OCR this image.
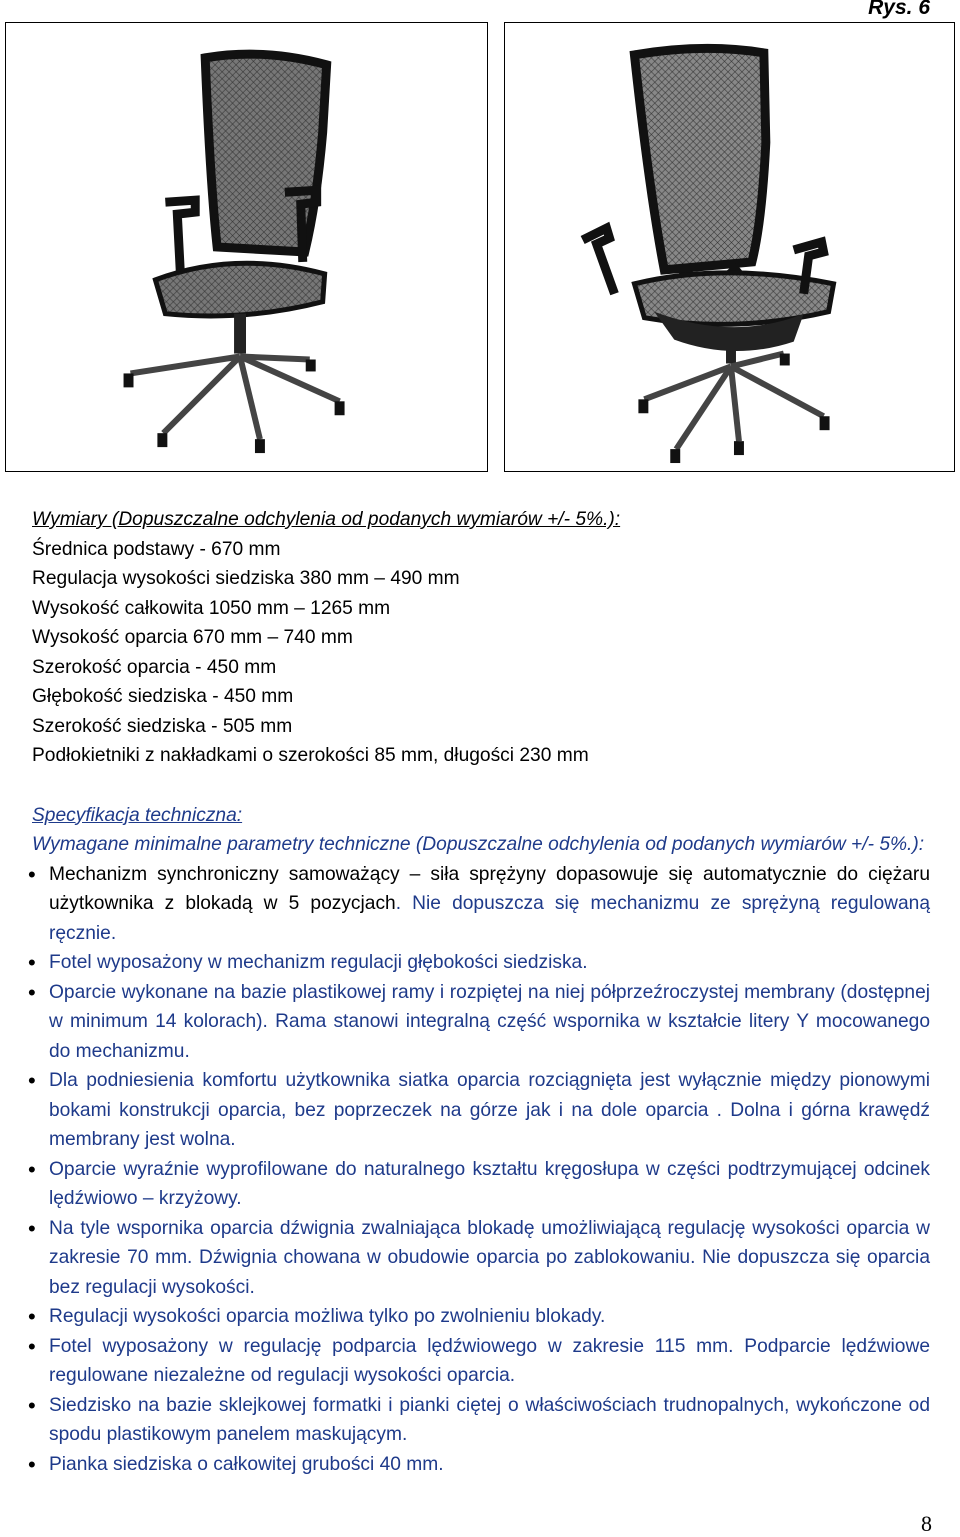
Rys. 6
Wymiary (Dopuszczalne odchylenia od podanych wymiarów +/- 5%.):
Średnica podstawy - 670 mm
Regulacja wysokości siedziska 380 mm – 490 mm
Wysokość całkowita 1050 mm – 1265 mm
Wysokość oparcia 670 mm – 740 mm
Szerokość oparcia - 450 mm
Głębokość siedziska - 450 mm
Szerokość siedziska - 505 mm
Podłokietniki z nakładkami o szerokości 85 mm, długości 230 mm
Specyfikacja techniczna:
Wymagane minimalne parametry techniczne (Dopuszczalne odchylenia od podanych wymiarów +/- 5%.):
• Mechanizm synchroniczny samoważący – siła sprężyny dopasowuje się automatycznie do ciężaru użytkownika z blokadą w 5 pozycjach. Nie dopuszcza się mechanizmu ze sprężyną regulowaną ręcznie.
• Fotel wyposażony w mechanizm regulacji głębokości siedziska.
• Oparcie wykonane na bazie plastikowej ramy i rozpiętej na niej półprzeźroczystej membrany (dostępnej w minimum 14 kolorach). Rama stanowi integralną część wspornika w kształcie litery Y mocowanego do mechanizmu.
• Dla podniesienia komfortu użytkownika siatka oparcia rozciągnięta jest wyłącznie między pionowymi bokami konstrukcji oparcia, bez poprzeczek na górze jak i na dole oparcia . Dolna i górna krawędź membrany jest wolna.
• Oparcie wyraźnie wyprofilowane do naturalnego kształtu kręgosłupa w części podtrzymującej odcinek lędźwiowo – krzyżowy.
• Na tyle wspornika oparcia dźwignia zwalniająca blokadę umożliwiającą regulację wysokości oparcia w zakresie 70 mm. Dźwignia chowana w obudowie oparcia po zablokowaniu. Nie dopuszcza się oparcia bez regulacji wysokości.
• Regulacji wysokości oparcia możliwa tylko po zwolnieniu blokady.
• Fotel wyposażony w regulację podparcia lędźwiowego w zakresie 115 mm. Podparcie lędźwiowe regulowane niezależne od regulacji wysokości oparcia.
• Siedzisko na bazie sklejkowej formatki i pianki ciętej o właściwościach trudnopalnych, wykończone od spodu plastikowym panelem maskującym.
• Pianka siedziska o całkowitej grubości 40 mm.
8
